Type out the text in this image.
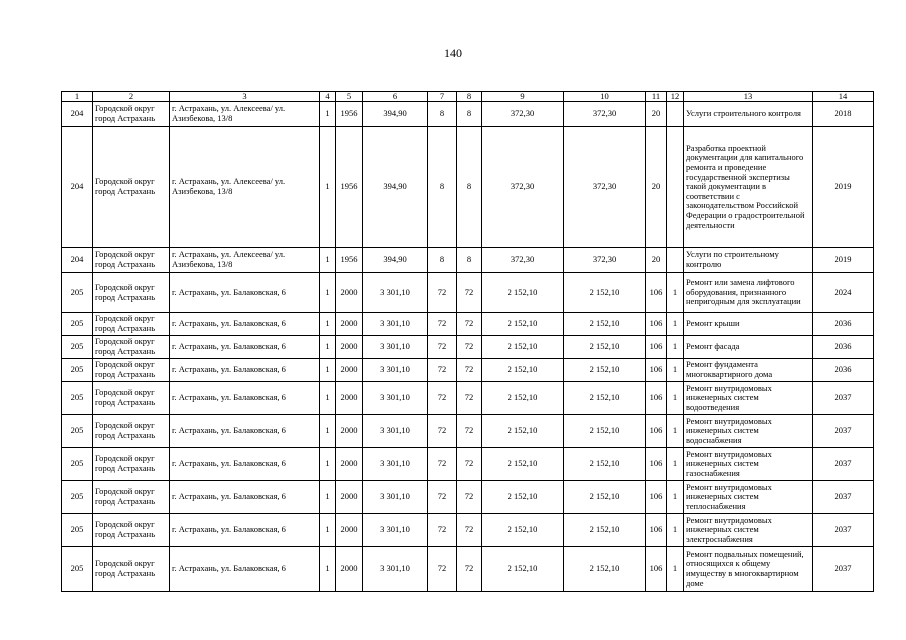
140
1	2	3	4	5	6	7	8	9	10	11	12	13	14
204	Городской округ город Астрахань	г. Астрахань, ул. Алексеева/ ул. Азизбекова, 13/8	1	1956	394,90	8	8	372,30	372,30	20		Услуги строительного контроля	2018
204	Городской округ город Астрахань	г. Астрахань, ул. Алексеева/ ул. Азизбекова, 13/8	1	1956	394,90	8	8	372,30	372,30	20		Разработка проектной документации для капитального ремонта и проведение государственной экспертизы такой документации в соответствии с законодательством Российской Федерации о градостроительной деятельности	2019
204	Городской округ город Астрахань	г. Астрахань, ул. Алексеева/ ул. Азизбекова, 13/8	1	1956	394,90	8	8	372,30	372,30	20		Услуги по строительному контролю	2019
205	Городской округ город Астрахань	г. Астрахань, ул. Балаковская, 6	1	2000	3 301,10	72	72	2 152,10	2 152,10	106	1	Ремонт или замена лифтового оборудования, признанного непригодным для эксплуатации	2024
205	Городской округ город Астрахань	г. Астрахань, ул. Балаковская, 6	1	2000	3 301,10	72	72	2 152,10	2 152,10	106	1	Ремонт крыши	2036
205	Городской округ город Астрахань	г. Астрахань, ул. Балаковская, 6	1	2000	3 301,10	72	72	2 152,10	2 152,10	106	1	Ремонт фасада	2036
205	Городской округ город Астрахань	г. Астрахань, ул. Балаковская, 6	1	2000	3 301,10	72	72	2 152,10	2 152,10	106	1	Ремонт фундамента многоквартирного дома	2036
205	Городской округ город Астрахань	г. Астрахань, ул. Балаковская, 6	1	2000	3 301,10	72	72	2 152,10	2 152,10	106	1	Ремонт внутридомовых инженерных систем водоотведения	2037
205	Городской округ город Астрахань	г. Астрахань, ул. Балаковская, 6	1	2000	3 301,10	72	72	2 152,10	2 152,10	106	1	Ремонт внутридомовых инженерных систем водоснабжения	2037
205	Городской округ город Астрахань	г. Астрахань, ул. Балаковская, 6	1	2000	3 301,10	72	72	2 152,10	2 152,10	106	1	Ремонт внутридомовых инженерных систем газоснабжения	2037
205	Городской округ город Астрахань	г. Астрахань, ул. Балаковская, 6	1	2000	3 301,10	72	72	2 152,10	2 152,10	106	1	Ремонт внутридомовых инженерных систем теплоснабжения	2037
205	Городской округ город Астрахань	г. Астрахань, ул. Балаковская, 6	1	2000	3 301,10	72	72	2 152,10	2 152,10	106	1	Ремонт внутридомовых инженерных систем электроснабжения	2037
205	Городской округ город Астрахань	г. Астрахань, ул. Балаковская, 6	1	2000	3 301,10	72	72	2 152,10	2 152,10	106	1	Ремонт подвальных помещений, относящихся к общему имуществу в многоквартирном доме	2037
